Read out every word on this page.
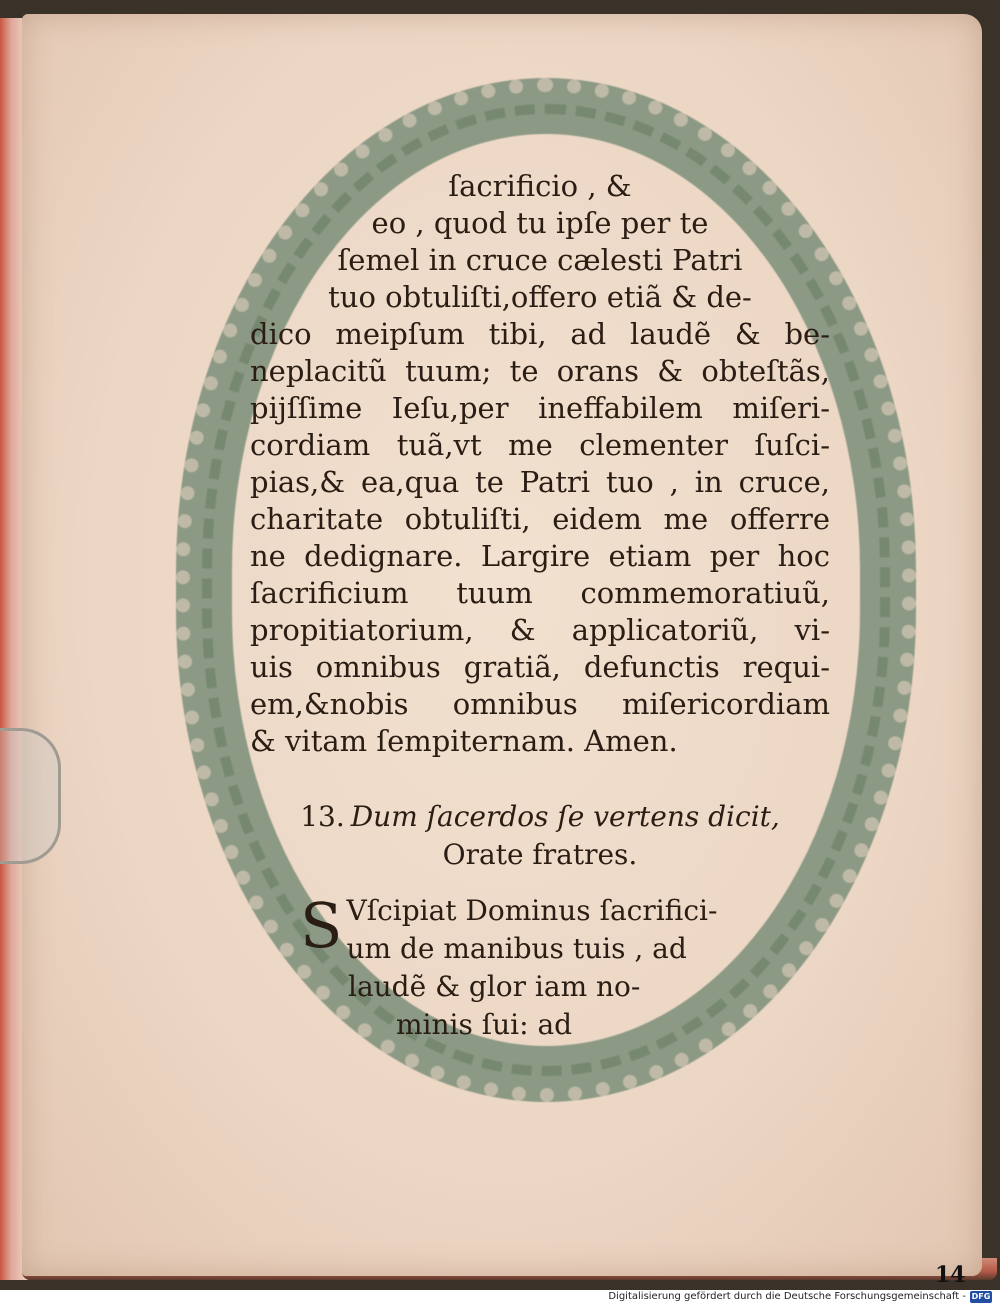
ſacrificio , &
eo , quod tu ipſe per te
ſemel in cruce cælesti Patri
tuo obtuliſti,offero etiã & de-
dico meipſum tibi, ad laudẽ & be-
neplacitũ tuum; te orans & obteſtãs,
pijſſime Ieſu,per ineffabilem miſeri-
cordiam tuã,vt me clementer ſuſci-
pias,& ea,qua te Patri tuo , in cruce,
charitate obtuliſti, eidem me offerre
ne dedignare. Largire etiam per hoc
ſacrificium tuum commemoratiuũ,
propitiatorium, & applicatoriũ, vi-
uis omnibus gratiã, defunctis requi-
em,&nobis omnibus miſericordiam
& vitam ſempiternam. Amen.
13. Dum ſacerdos ſe vertens dicit,
Orate fratres.
S Vſcipiat Dominus ſacrifici-
um de manibus tuis , ad
laudẽ & glor iam no-
minis ſui: ad
14
Digitalisierung gefördert durch die Deutsche Forschungsgemeinschaft - DFG
